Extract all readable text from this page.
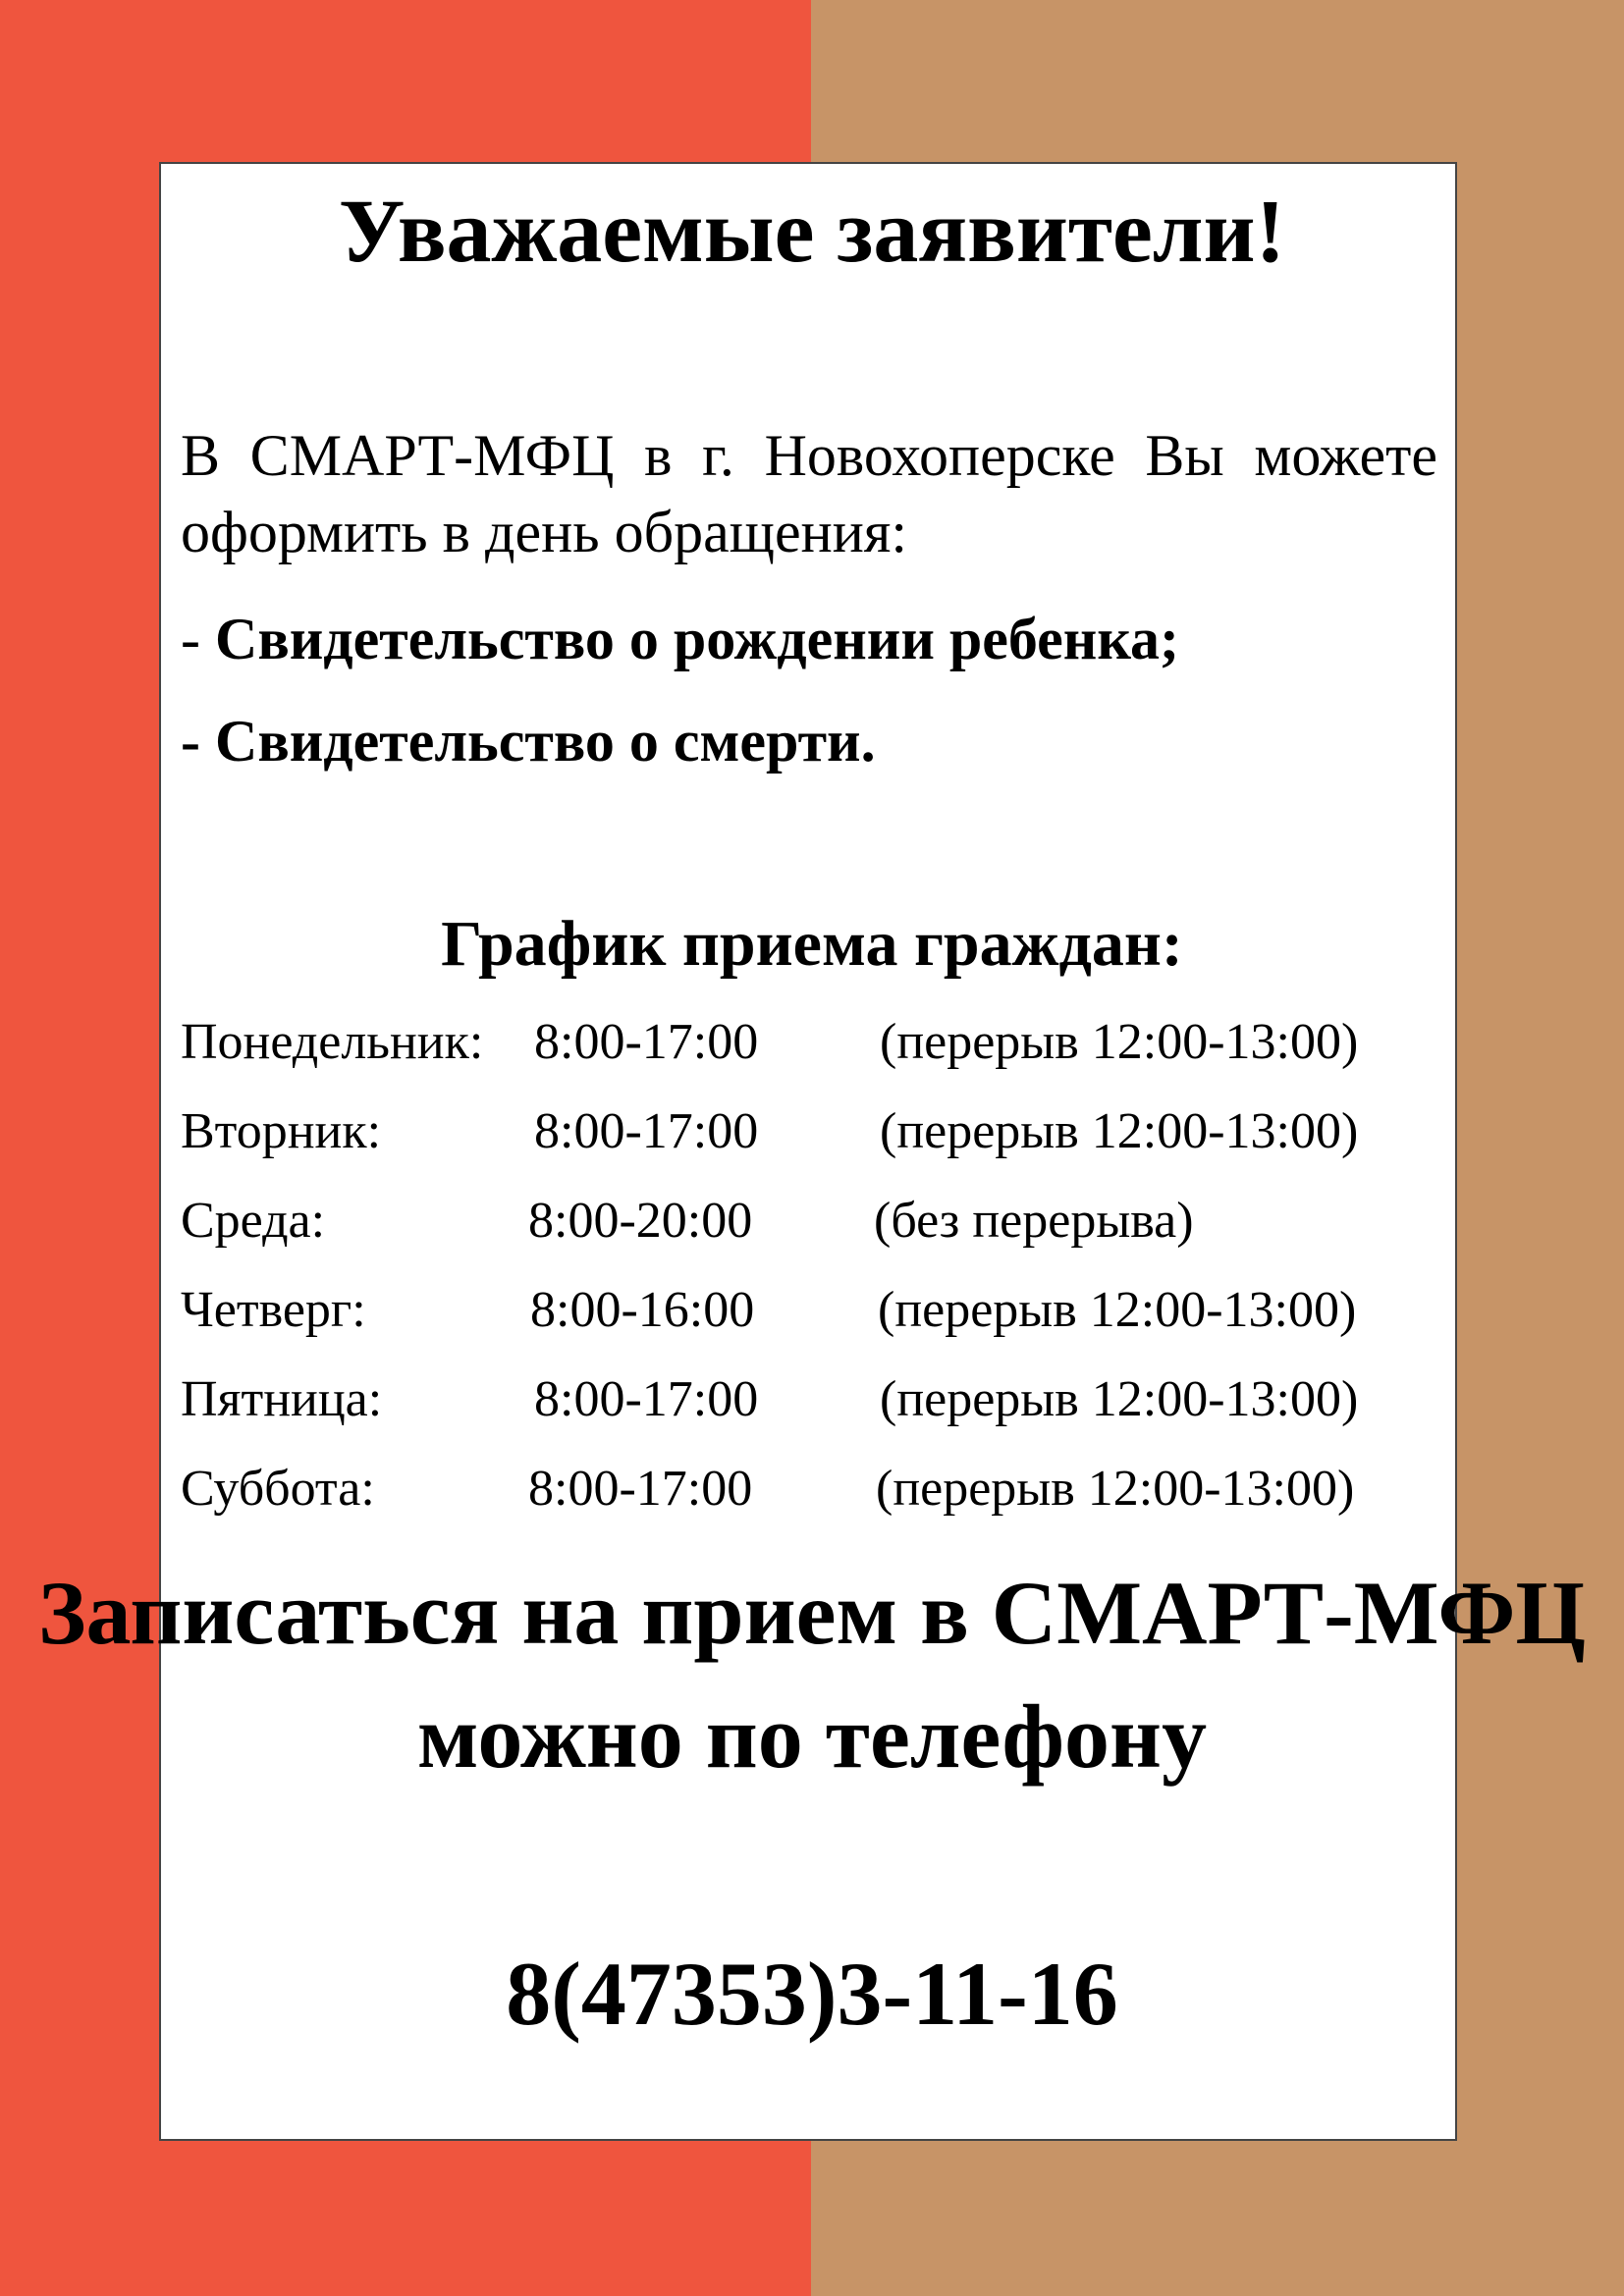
Уважаемые заявители!

В СМАРТ-МФЦ в г. Новохоперске Вы можете оформить в день обращения:

- Свидетельство о рождении ребенка;

- Свидетельство о смерти.

График приема граждан:
Понедельник: 8:00-17:00 (перерыв 12:00-13:00)
Вторник:	8:00-17:00 (перерыв 12:00-13:00)
Среда:	8:00-20:00 (без перерыва)
Четверг:	8:00-16:00 (перерыв 12:00-13:00)
Пятница:	8:00-17:00 (перерыв 12:00-13:00)
Суббота:	8:00-17:00 (перерыв 12:00-13:00)

Записаться на прием в СМАРТ-МФЦ можно по телефону

8(47353)3-11-16
